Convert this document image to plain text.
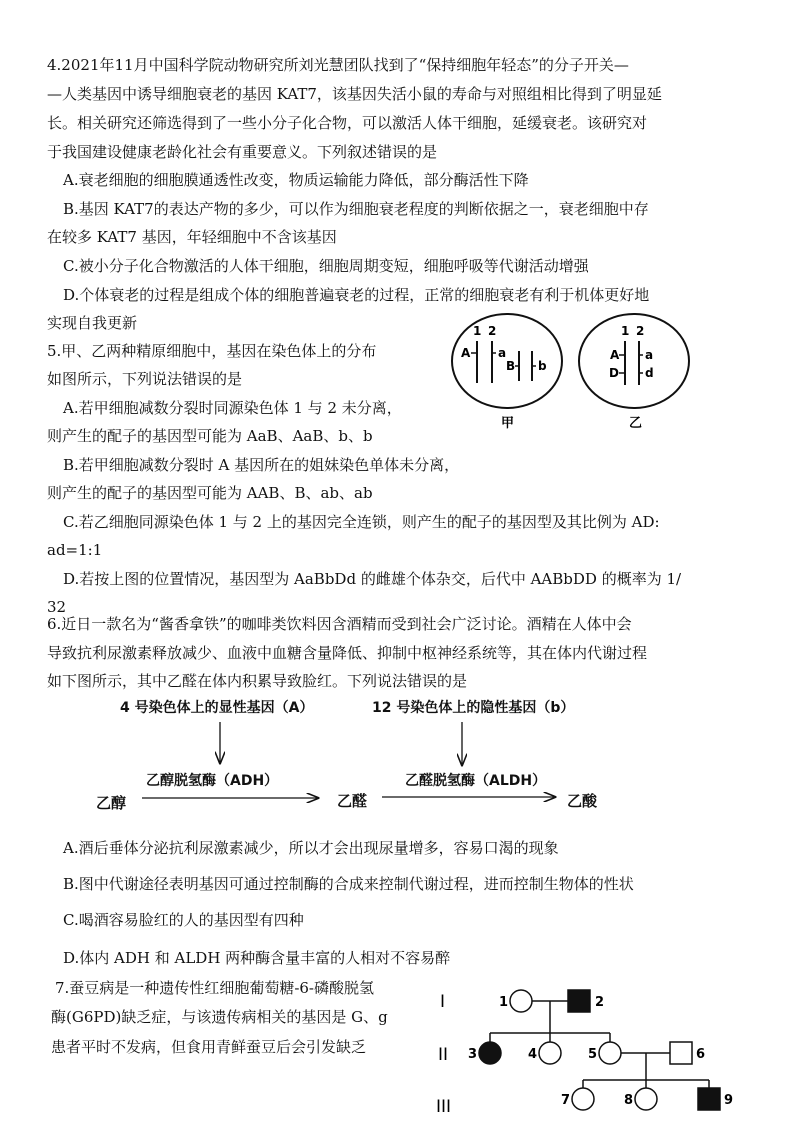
4.2021年11月中国科学院动物研究所刘光慧团队找到了“保持细胞年轻态”的分子开关—
—人类基因中诱导细胞衰老的基因 KAT7，该基因失活小鼠的寿命与对照组相比得到了明显延
长。相关研究还筛选得到了一些小分子化合物，可以激活人体干细胞，延缓衰老。该研究对
于我国建设健康老龄化社会有重要意义。下列叙述错误的是
A.衰老细胞的细胞膜通透性改变，物质运输能力降低，部分酶活性下降
B.基因 KAT7的表达产物的多少，可以作为细胞衰老程度的判断依据之一，衰老细胞中存
在较多 KAT7 基因，年轻细胞中不含该基因
C.被小分子化合物激活的人体干细胞，细胞周期变短，细胞呼吸等代谢活动增强
D.个体衰老的过程是组成个体的细胞普遍衰老的过程，正常的细胞衰老有利于机体更好地
实现自我更新
5.甲、乙两种精原细胞中，基因在染色体上的分布
如图所示，下列说法错误的是
A.若甲细胞减数分裂时同源染色体 1 与 2 未分离，
则产生的配子的基因型可能为 AaB、AaB、b、b
B.若甲细胞减数分裂时 A 基因所在的姐妹染色单体未分离，
则产生的配子的基因型可能为 AAB、B、ab、ab
C.若乙细胞同源染色体 1 与 2 上的基因完全连锁，则产生的配子的基因型及其比例为 AD:
ad=1:1
D.若按上图的位置情况，基因型为 AaBbDd 的雌雄个体杂交，后代中 AABbDD 的概率为 1/
32
1 2
A a
B b
甲
1 2
A a
D d
乙
6.近日一款名为“酱香拿铁”的咖啡类饮料因含酒精而受到社会广泛讨论。酒精在人体中会
导致抗利尿激素释放减少、血液中血糖含量降低、抑制中枢神经系统等，其在体内代谢过程
如下图所示，其中乙醛在体内积累导致脸红。下列说法错误的是
4 号染色体上的显性基因（A）	12 号染色体上的隐性基因（b）
乙醇脱氢酶（ADH）	乙醛脱氢酶（ALDH）
乙醇	乙醛	乙酸
A.酒后垂体分泌抗利尿激素减少，所以才会出现尿量增多，容易口渴的现象
B.图中代谢途径表明基因可通过控制酶的合成来控制代谢过程，进而控制生物体的性状
C.喝酒容易脸红的人的基因型有四种
D.体内 ADH 和 ALDH 两种酶含量丰富的人相对不容易醉
7.蚕豆病是一种遗传性红细胞葡萄糖-6-磷酸脱氢
酶(G6PD)缺乏症，与该遗传病相关的基因是 G、g
患者平时不发病，但食用青鲜蚕豆后会引发缺乏
I
II
III
1	2
3	4	5	6
7	8	9
